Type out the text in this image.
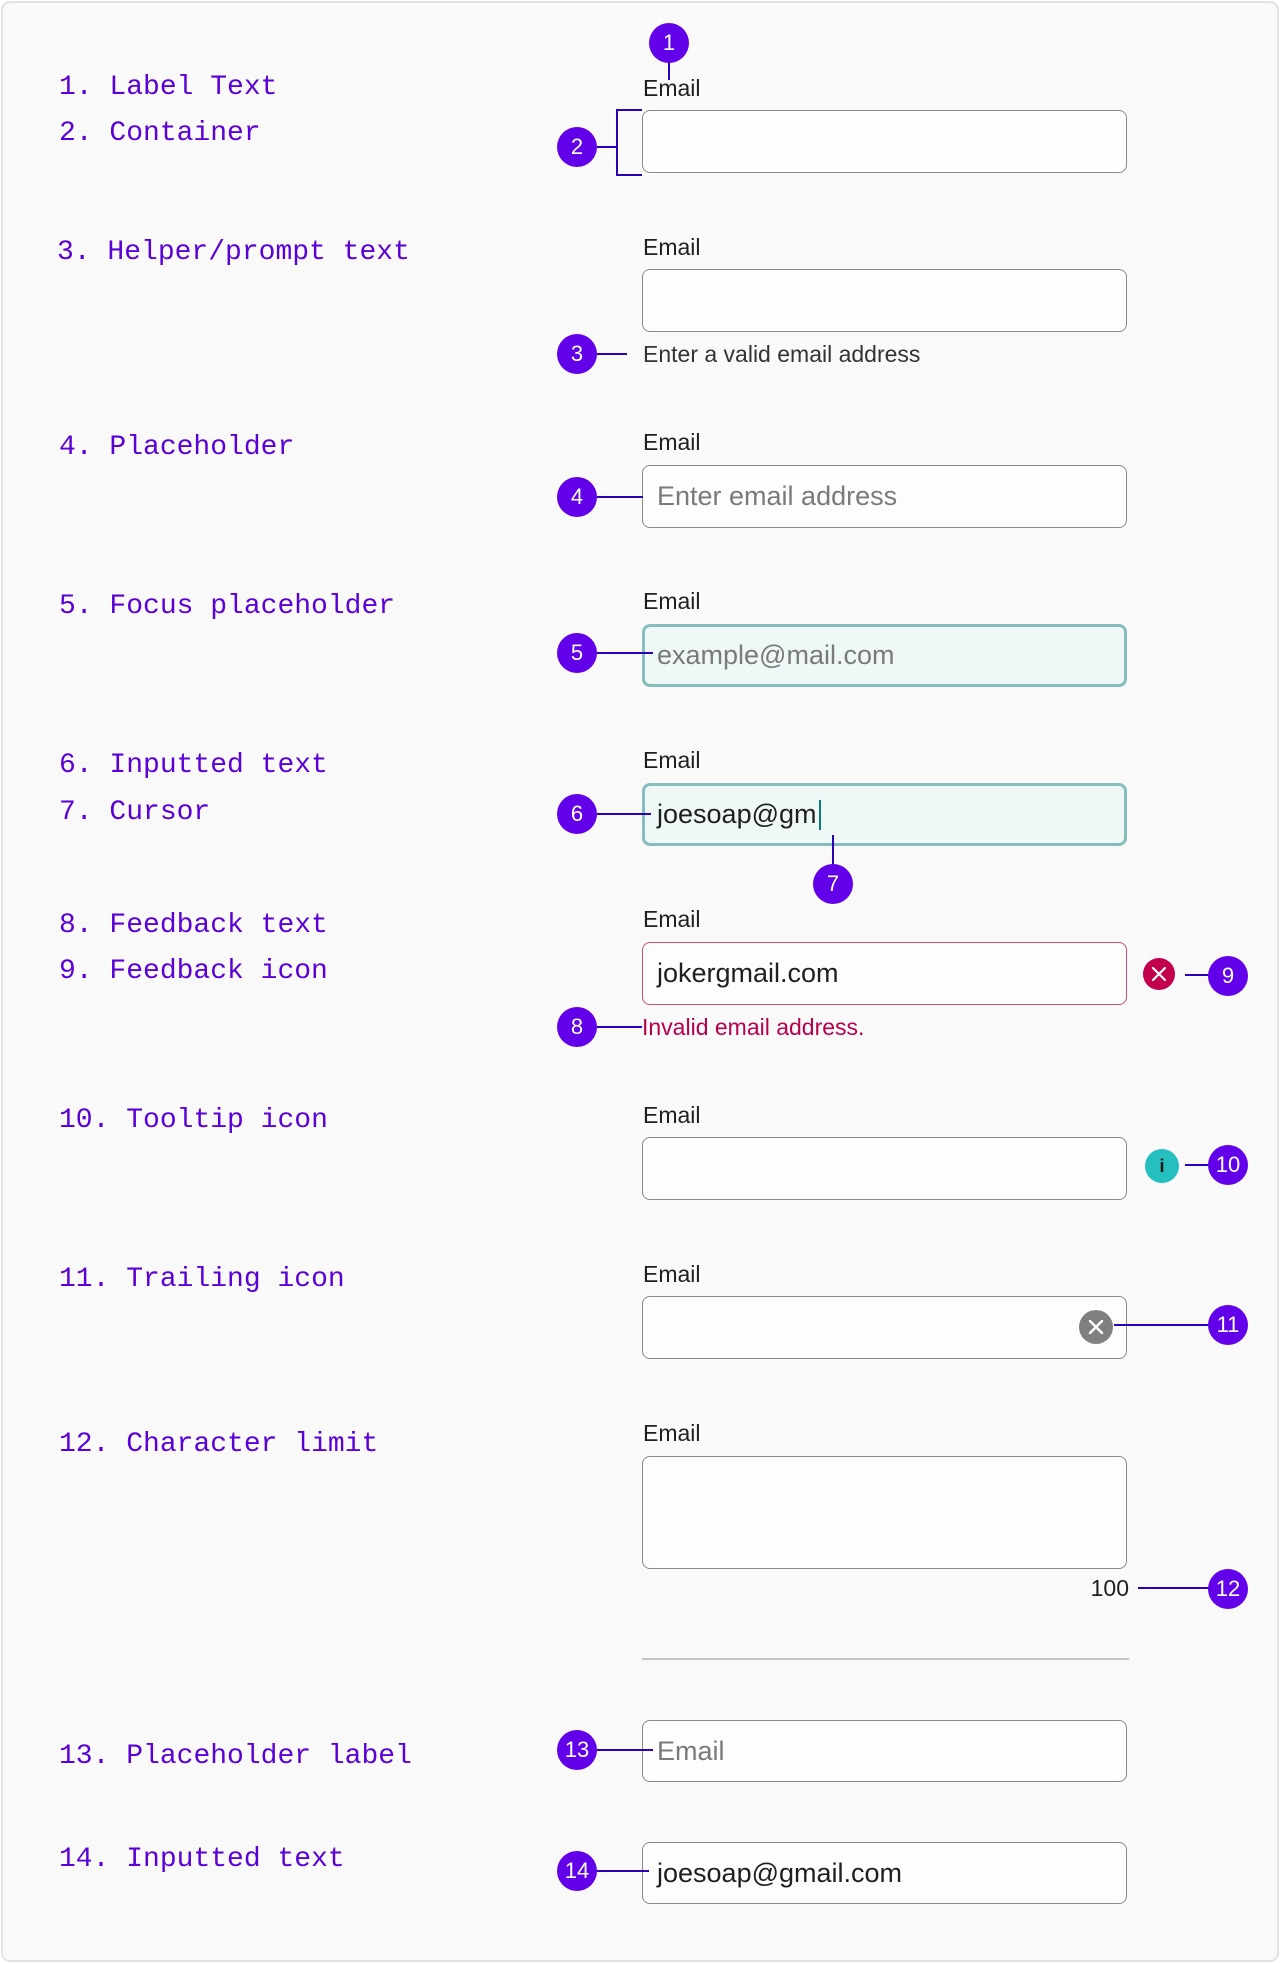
1. Label Text
2. Container
3. Helper/prompt text
4. Placeholder
5. Focus placeholder
6. Inputted text
7. Cursor
8. Feedback text
9. Feedback icon
10. Tooltip icon
11. Trailing icon
12. Character limit
13. Placeholder label
14. Inputted text
1
Email
2
Email
3	Enter a valid email address
Email
Enter email address
4
Email
example@mail.com
5
Email
joesoap@gm
6
7
Email
jokergmail.com	9
8	Invalid email address.
Email
i	10
Email
11
Email
100	12
Email
13
joesoap@gmail.com
14
